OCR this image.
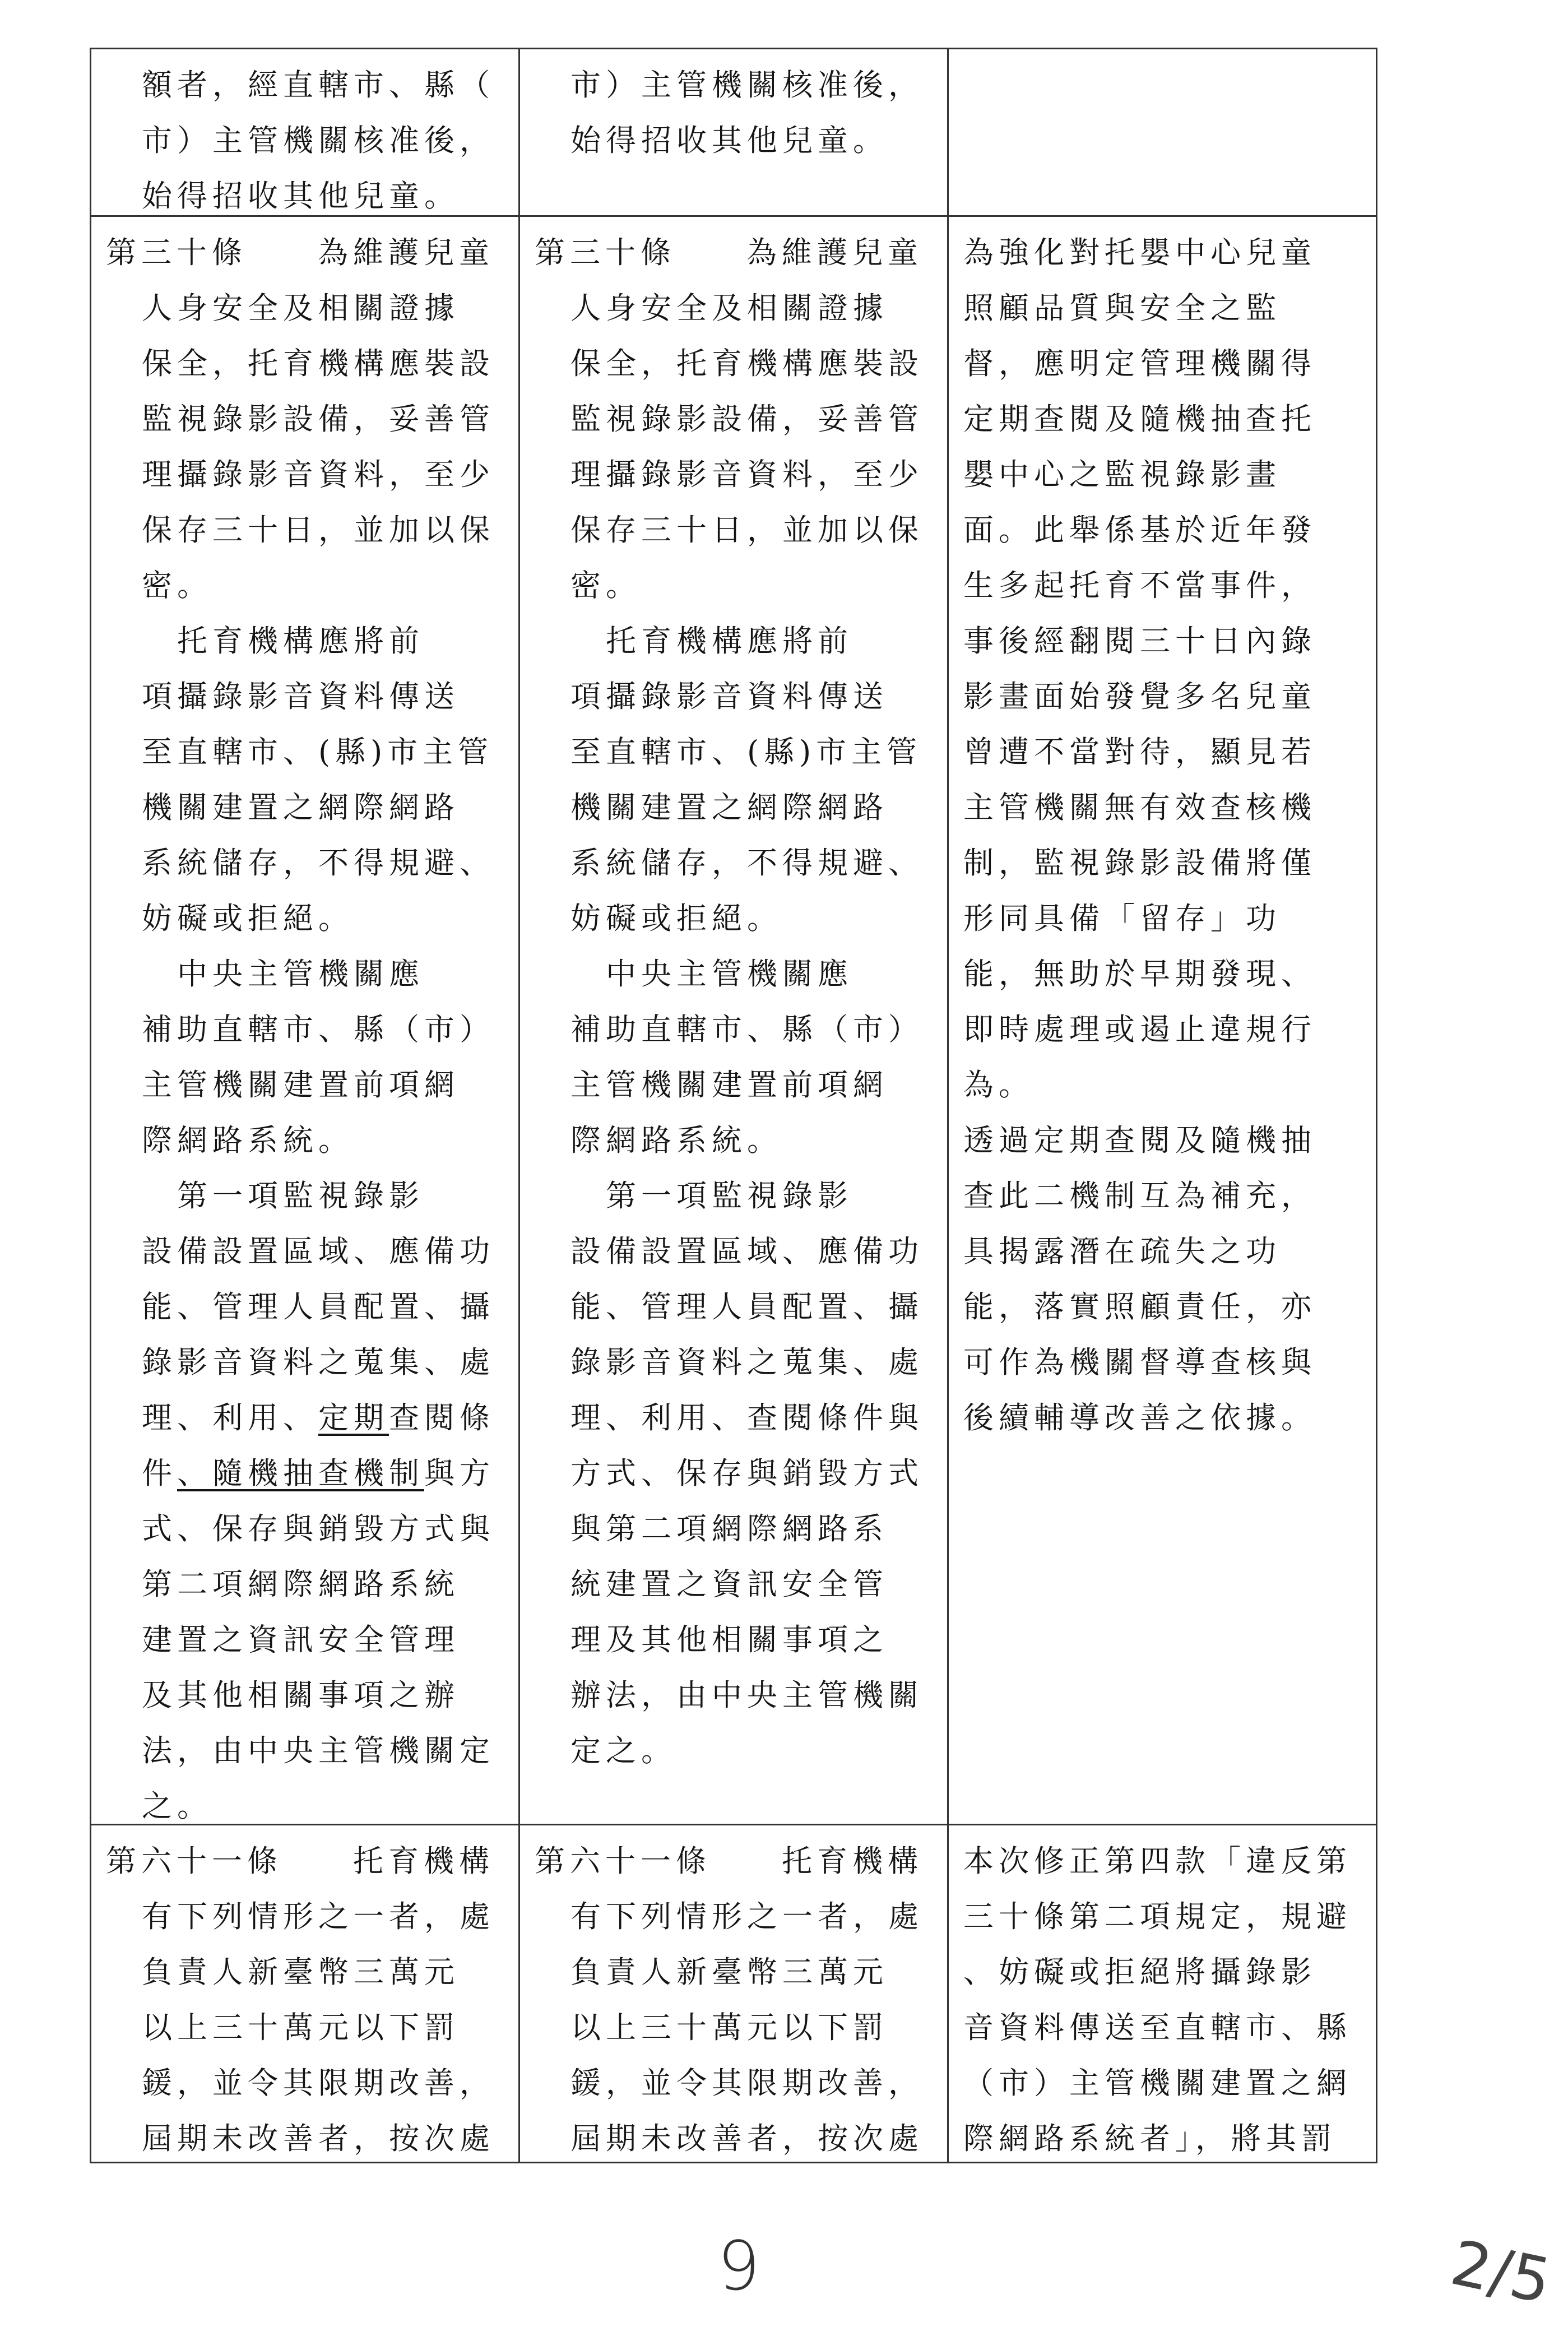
額者，經直轄市、縣（
市）主管機關核准後，
始得招收其他兒童。
市）主管機關核准後，
始得招收其他兒童。
第三十條　　為維護兒童
人身安全及相關證據
保全，托育機構應裝設
監視錄影設備，妥善管
理攝錄影音資料，至少
保存三十日，並加以保
密。
　托育機構應將前
項攝錄影音資料傳送
至直轄市、(縣)市主管
機關建置之網際網路
系統儲存，不得規避、
妨礙或拒絕。
　中央主管機關應
補助直轄市、縣（市）
主管機關建置前項網
際網路系統。
　第一項監視錄影
設備設置區域、應備功
能、管理人員配置、攝
錄影音資料之蒐集、處
理、利用、定期查閱條
件、隨機抽查機制與方
式、保存與銷毀方式與
第二項網際網路系統
建置之資訊安全管理
及其他相關事項之辦
法，由中央主管機關定
之。
第三十條　　為維護兒童
人身安全及相關證據
保全，托育機構應裝設
監視錄影設備，妥善管
理攝錄影音資料，至少
保存三十日，並加以保
密。
　托育機構應將前
項攝錄影音資料傳送
至直轄市、(縣)市主管
機關建置之網際網路
系統儲存，不得規避、
妨礙或拒絕。
　中央主管機關應
補助直轄市、縣（市）
主管機關建置前項網
際網路系統。
　第一項監視錄影
設備設置區域、應備功
能、管理人員配置、攝
錄影音資料之蒐集、處
理、利用、查閱條件與
方式、保存與銷毀方式
與第二項網際網路系
統建置之資訊安全管
理及其他相關事項之
辦法，由中央主管機關
定之。
為強化對托嬰中心兒童
照顧品質與安全之監
督，應明定管理機關得
定期查閱及隨機抽查托
嬰中心之監視錄影畫
面。此舉係基於近年發
生多起托育不當事件，
事後經翻閱三十日內錄
影畫面始發覺多名兒童
曾遭不當對待，顯見若
主管機關無有效查核機
制，監視錄影設備將僅
形同具備「留存」功
能，無助於早期發現、
即時處理或遏止違規行
為。
透過定期查閱及隨機抽
查此二機制互為補充，
具揭露潛在疏失之功
能，落實照顧責任，亦
可作為機關督導查核與
後續輔導改善之依據。
第六十一條　　托育機構
有下列情形之一者，處
負責人新臺幣三萬元
以上三十萬元以下罰
鍰，並令其限期改善，
屆期未改善者，按次處
第六十一條　　托育機構
有下列情形之一者，處
負責人新臺幣三萬元
以上三十萬元以下罰
鍰，並令其限期改善，
屆期未改善者，按次處
本次修正第四款「違反第
三十條第二項規定，規避
、妨礙或拒絕將攝錄影
音資料傳送至直轄市、縣
（市）主管機關建置之網
際網路系統者」，將其罰
9	2/5
